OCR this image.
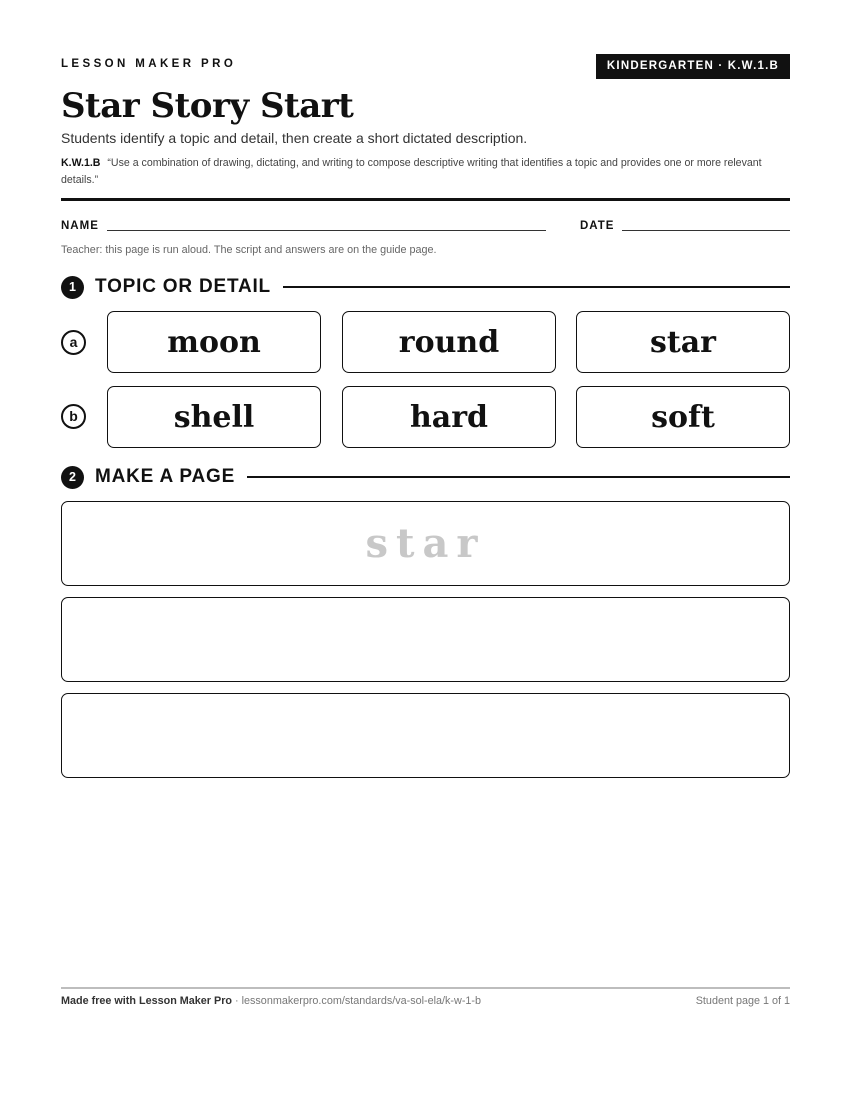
LESSON MAKER PRO	KINDERGARTEN · K.W.1.B
Star Story Start
Students identify a topic and detail, then create a short dictated description.
K.W.1.B “Use a combination of drawing, dictating, and writing to compose descriptive writing that identifies a topic and provides one or more relevant details.”
NAME	DATE
Teacher: this page is run aloud. The script and answers are on the guide page.
1	TOPIC OR DETAIL
a	moon	round	star
b	shell	hard	soft
2	MAKE A PAGE
star
Made free with Lesson Maker Pro · lessonmakerpro.com/standards/va-sol-ela/k-w-1-b	Student page 1 of 1
